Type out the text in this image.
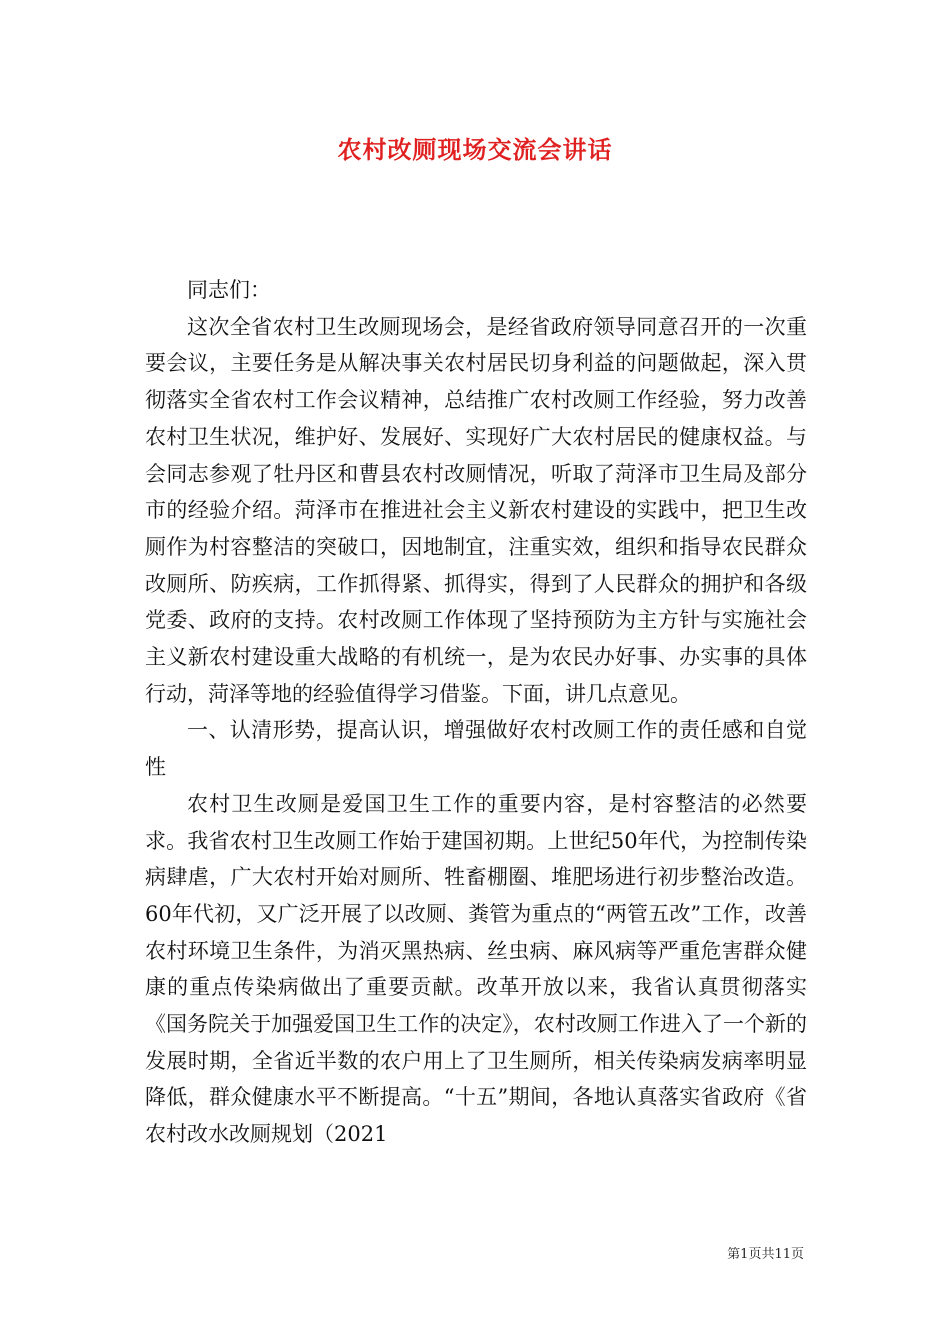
农村改厕现场交流会讲话

同志们：

这次全省农村卫生改厕现场会，是经省政府领导同意召开的一次重要会议，主要任务是从解决事关农村居民切身利益的问题做起，深入贯彻落实全省农村工作会议精神，总结推广农村改厕工作经验，努力改善农村卫生状况，维护好、发展好、实现好广大农村居民的健康权益。与会同志参观了牡丹区和曹县农村改厕情况，听取了菏泽市卫生局及部分市的经验介绍。菏泽市在推进社会主义新农村建设的实践中，把卫生改厕作为村容整洁的突破口，因地制宜，注重实效，组织和指导农民群众改厕所、防疾病，工作抓得紧、抓得实，得到了人民群众的拥护和各级党委、政府的支持。农村改厕工作体现了坚持预防为主方针与实施社会主义新农村建设重大战略的有机统一，是为农民办好事、办实事的具体行动，菏泽等地的经验值得学习借鉴。下面，讲几点意见。

一、认清形势，提高认识，增强做好农村改厕工作的责任感和自觉性

农村卫生改厕是爱国卫生工作的重要内容，是村容整洁的必然要求。我省农村卫生改厕工作始于建国初期。上世纪50年代，为控制传染病肆虐，广大农村开始对厕所、牲畜棚圈、堆肥场进行初步整治改造。60年代初，又广泛开展了以改厕、粪管为重点的“两管五改”工作，改善农村环境卫生条件，为消灭黑热病、丝虫病、麻风病等严重危害群众健康的重点传染病做出了重要贡献。改革开放以来，我省认真贯彻落实《国务院关于加强爱国卫生工作的决定》，农村改厕工作进入了一个新的发展时期，全省近半数的农户用上了卫生厕所，相关传染病发病率明显降低，群众健康水平不断提高。“十五”期间，各地认真落实省政府《省农村改水改厕规划（2021

第1页共11页
